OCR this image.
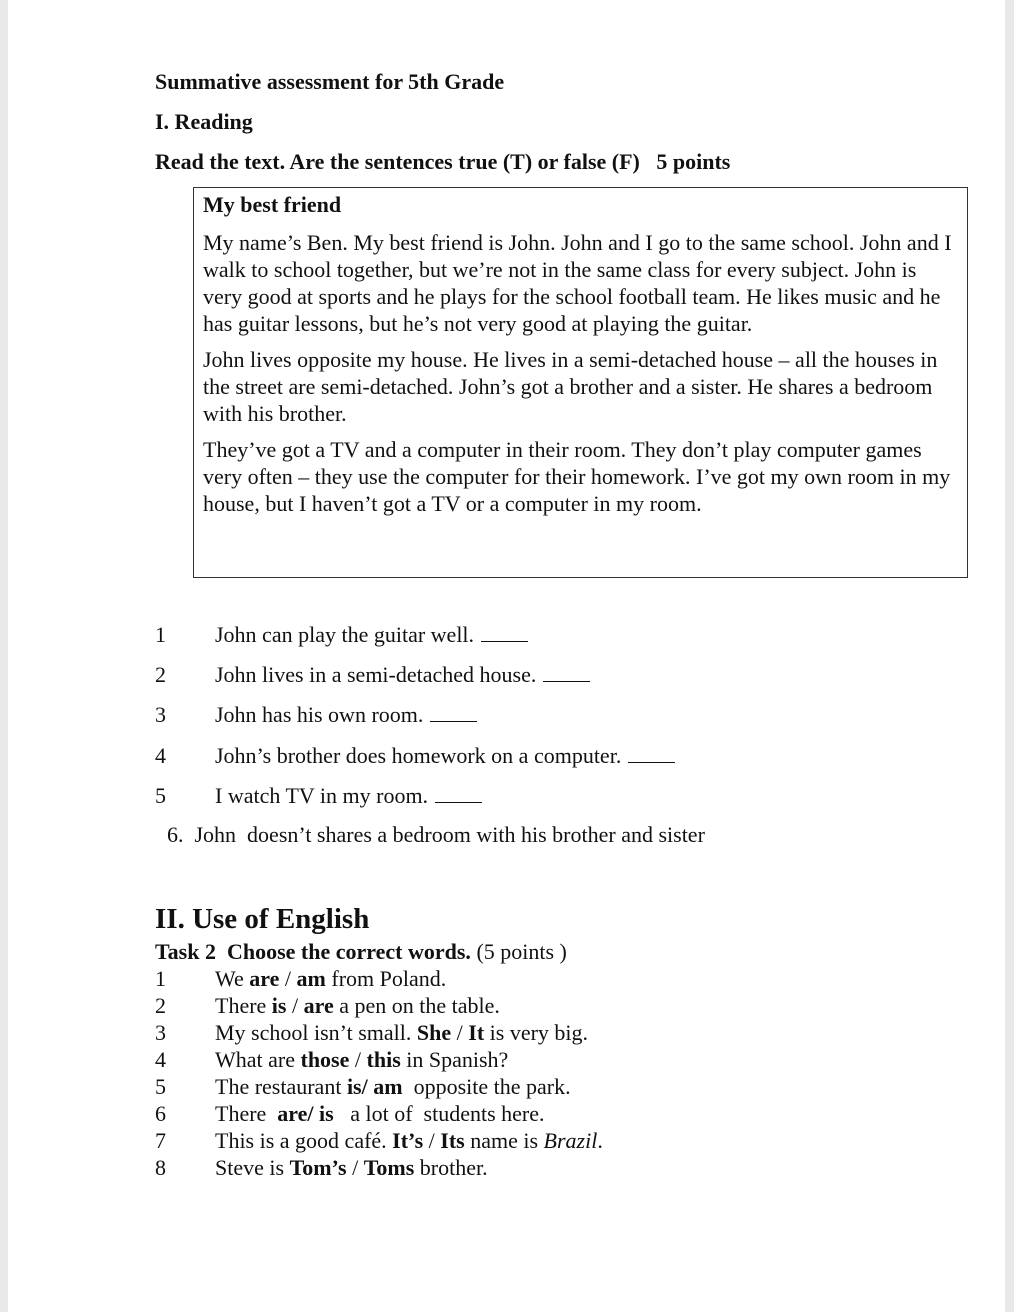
Summative assessment for 5th Grade
I. Reading
Read the text. Are the sentences true (T) or false (F)   5 points

My best friend

My name’s Ben. My best friend is John. John and I go to the same school. John and I walk to school together, but we’re not in the same class for every subject. John is very good at sports and he plays for the school football team. He likes music and he has guitar lessons, but he’s not very good at playing the guitar.

John lives opposite my house. He lives in a semi-detached house – all the houses in the street are semi-detached. John’s got a brother and a sister. He shares a bedroom with his brother.

They’ve got a TV and a computer in their room. They don’t play computer games very often – they use the computer for their homework. I’ve got my own room in my house, but I haven’t got a TV or a computer in my room.

1 John can play the guitar well.
2 John lives in a semi-detached house.
3 John has his own room.
4 John’s brother does homework on a computer.
5 I watch TV in my room.
6. John  doesn’t shares a bedroom with his brother and sister
II. Use of English
Task 2 Choose the correct words. (5 points )
1 We are / am from Poland.
2 There is / are a pen on the table.
3 My school isn’t small. She / It is very big.
4 What are those / this in Spanish?
5 The restaurant is/ am  opposite the park.
6 There  are/ is   a lot of  students here.
7 This is a good café. It’s / Its name is Brazil.
8 Steve is Tom’s / Toms brother.
